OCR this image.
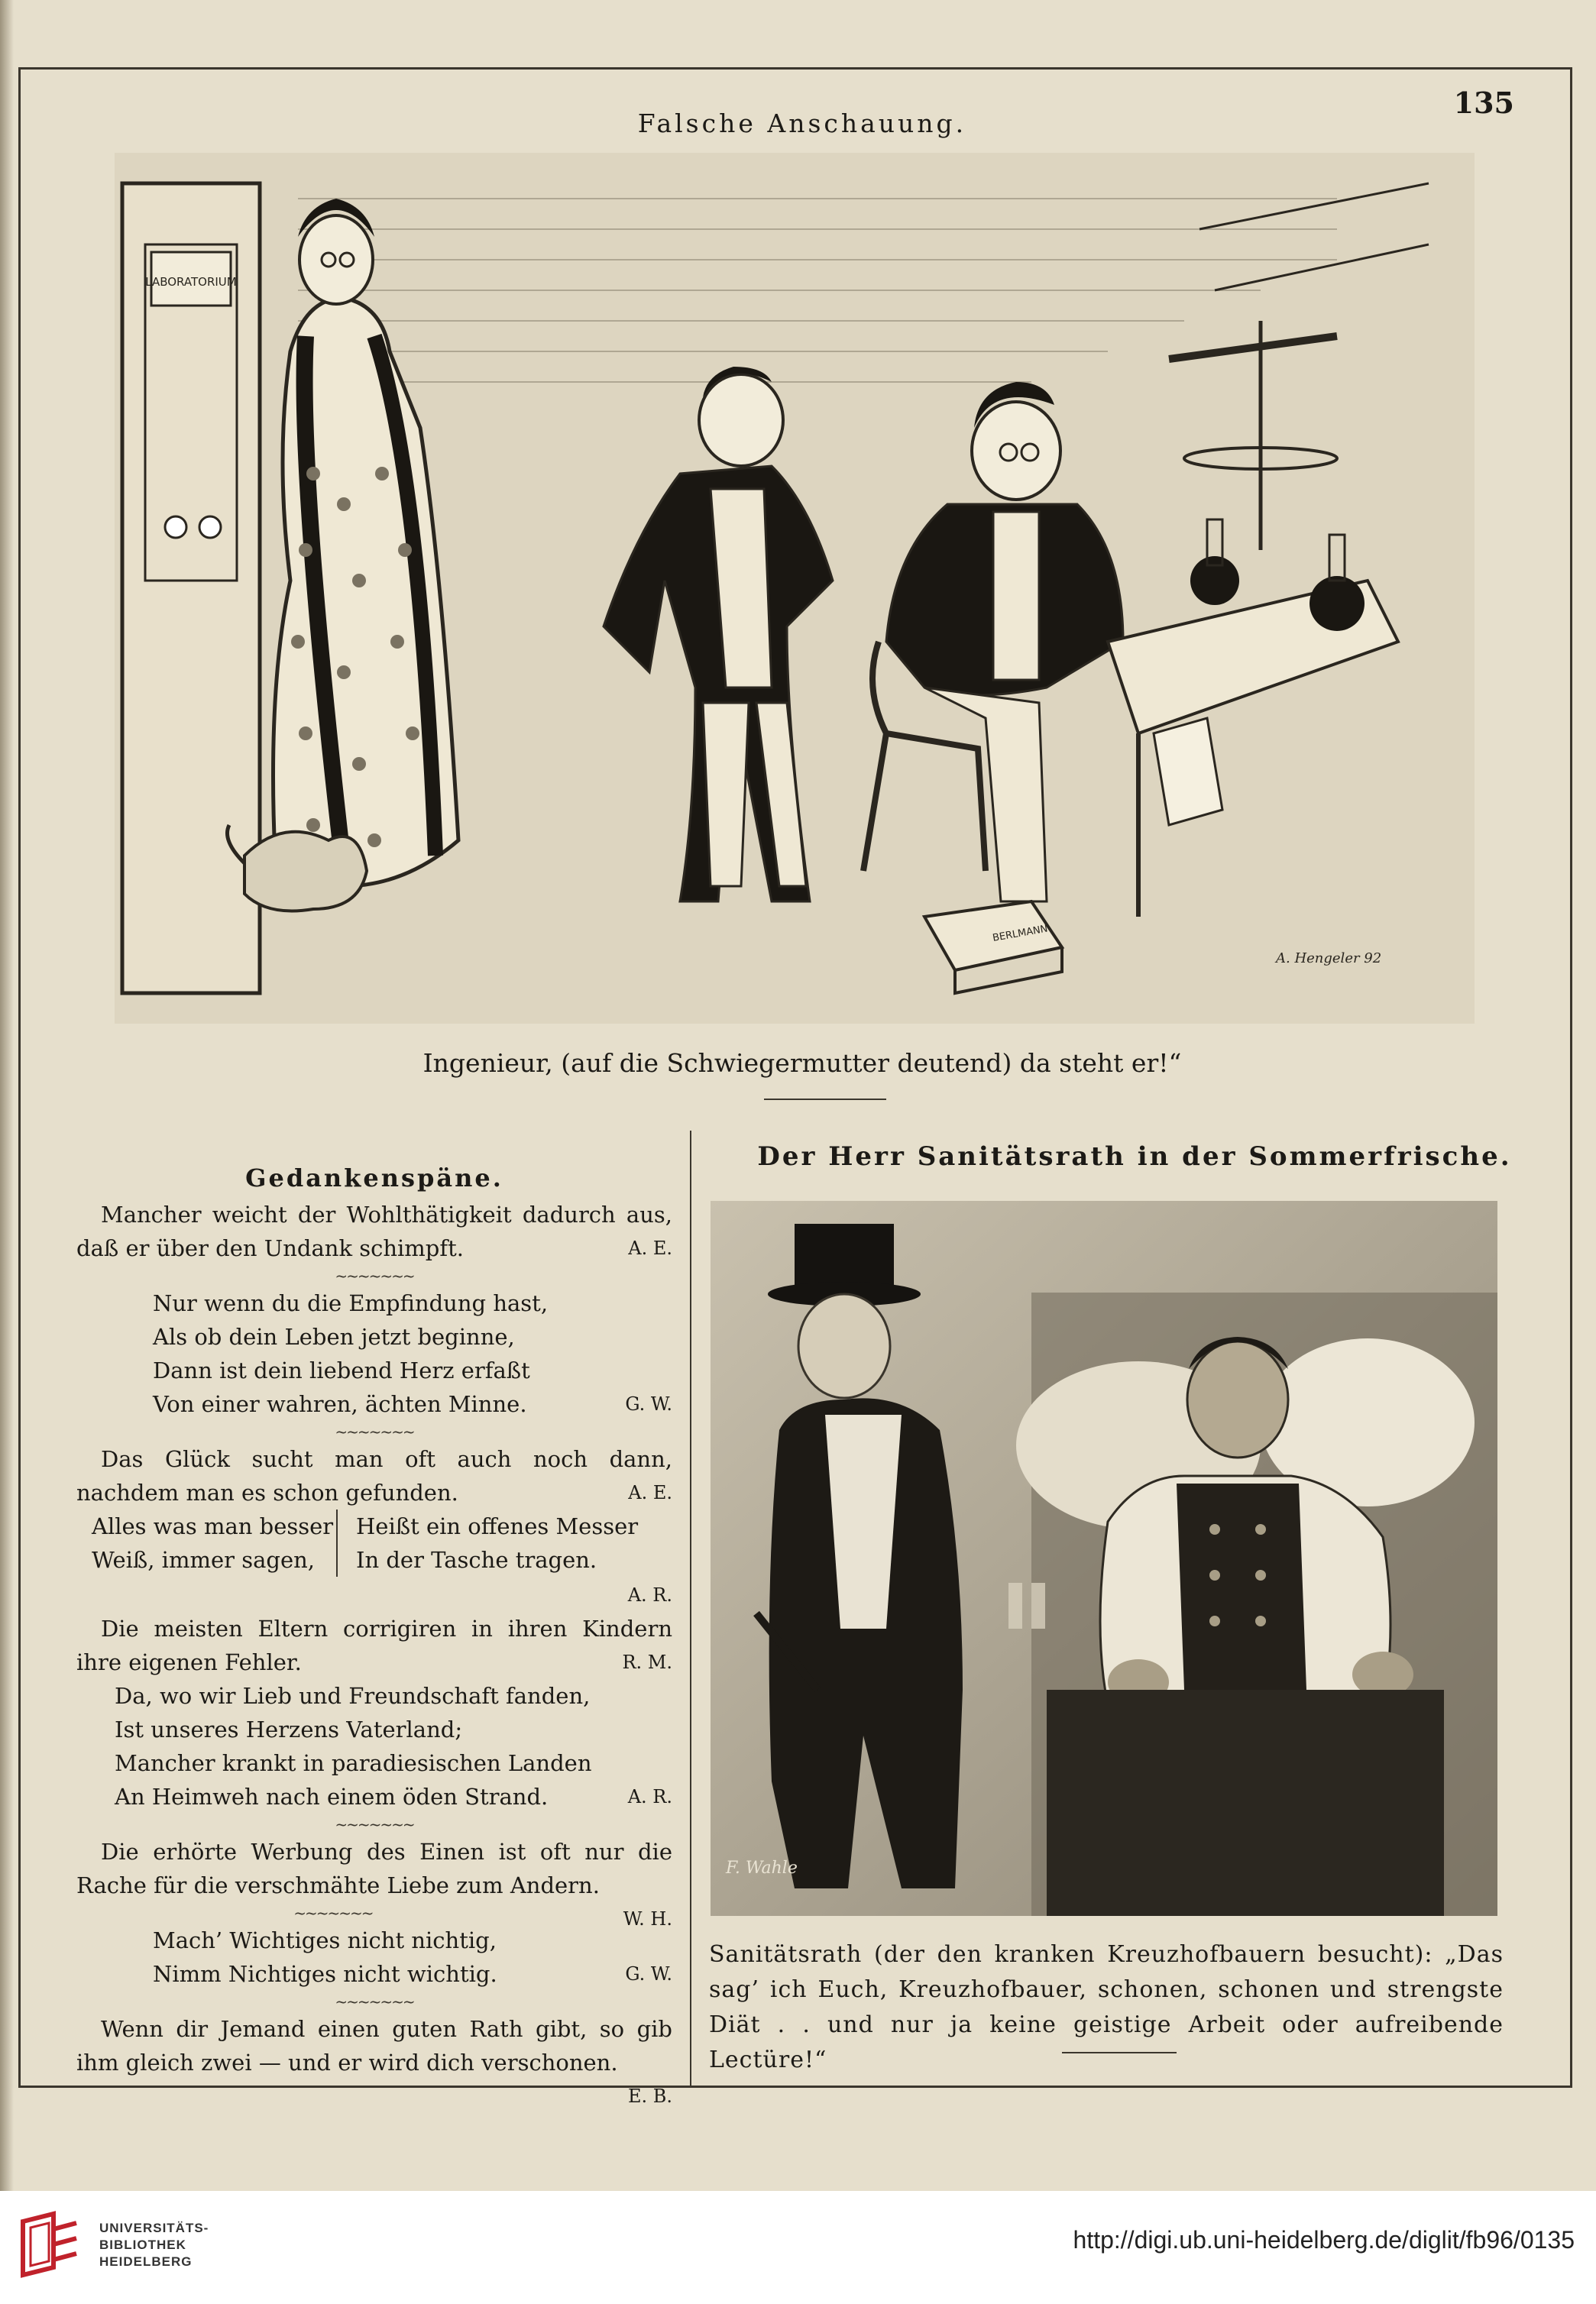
135
Falsche Anschauung.
LABORATORIUM
BERLMANN
A. Hengeler 92
Ingenieur, (auf die Schwiegermutter deutend) da steht er!“
Gedankenspäne.
Mancher weicht der Wohlthätigkeit dadurch aus, daß er über den Undank schimpft.	A. E.
~~~~~~~
Nur wenn du die Empfindung hast,
Als ob dein Leben jetzt beginne,
Dann ist dein liebend Herz erfaßt
Von einer wahren, ächten Minne.	G. W.
~~~~~~~
Das Glück sucht man oft auch noch dann, nachdem man es schon gefunden.	A. E.
Alles was man besser
Weiß, immer sagen,
Heißt ein offenes Messer
In der Tasche tragen.
A. R.
Die meisten Eltern corrigiren in ihren Kindern ihre eigenen Fehler.	R. M.
Da, wo wir Lieb und Freundschaft fanden,
Ist unseres Herzens Vaterland;
Mancher krankt in paradiesischen Landen
An Heimweh nach einem öden Strand.	A. R.
~~~~~~~
Die erhörte Werbung des Einen ist oft nur die Rache für die verschmähte Liebe zum Andern.
W. H.
~~~~~~~
Mach’ Wichtiges nicht nichtig,
Nimm Nichtiges nicht wichtig.	G. W.
~~~~~~~
Wenn dir Jemand einen guten Rath gibt, so gib ihm gleich zwei — und er wird dich verschonen.
E. B.
Der Herr Sanitätsrath in der Sommerfrische.
F. Wahle
Sanitätsrath (der den kranken Kreuzhofbauern besucht): „Das sag’ ich Euch, Kreuzhofbauer, schonen, schonen und strengste Diät . . und nur ja keine geistige Arbeit oder aufreibende Lectüre!“
UNIVERSITÄTS-
BIBLIOTHEK
HEIDELBERG
http://digi.ub.uni-heidelberg.de/diglit/fb96/0135
